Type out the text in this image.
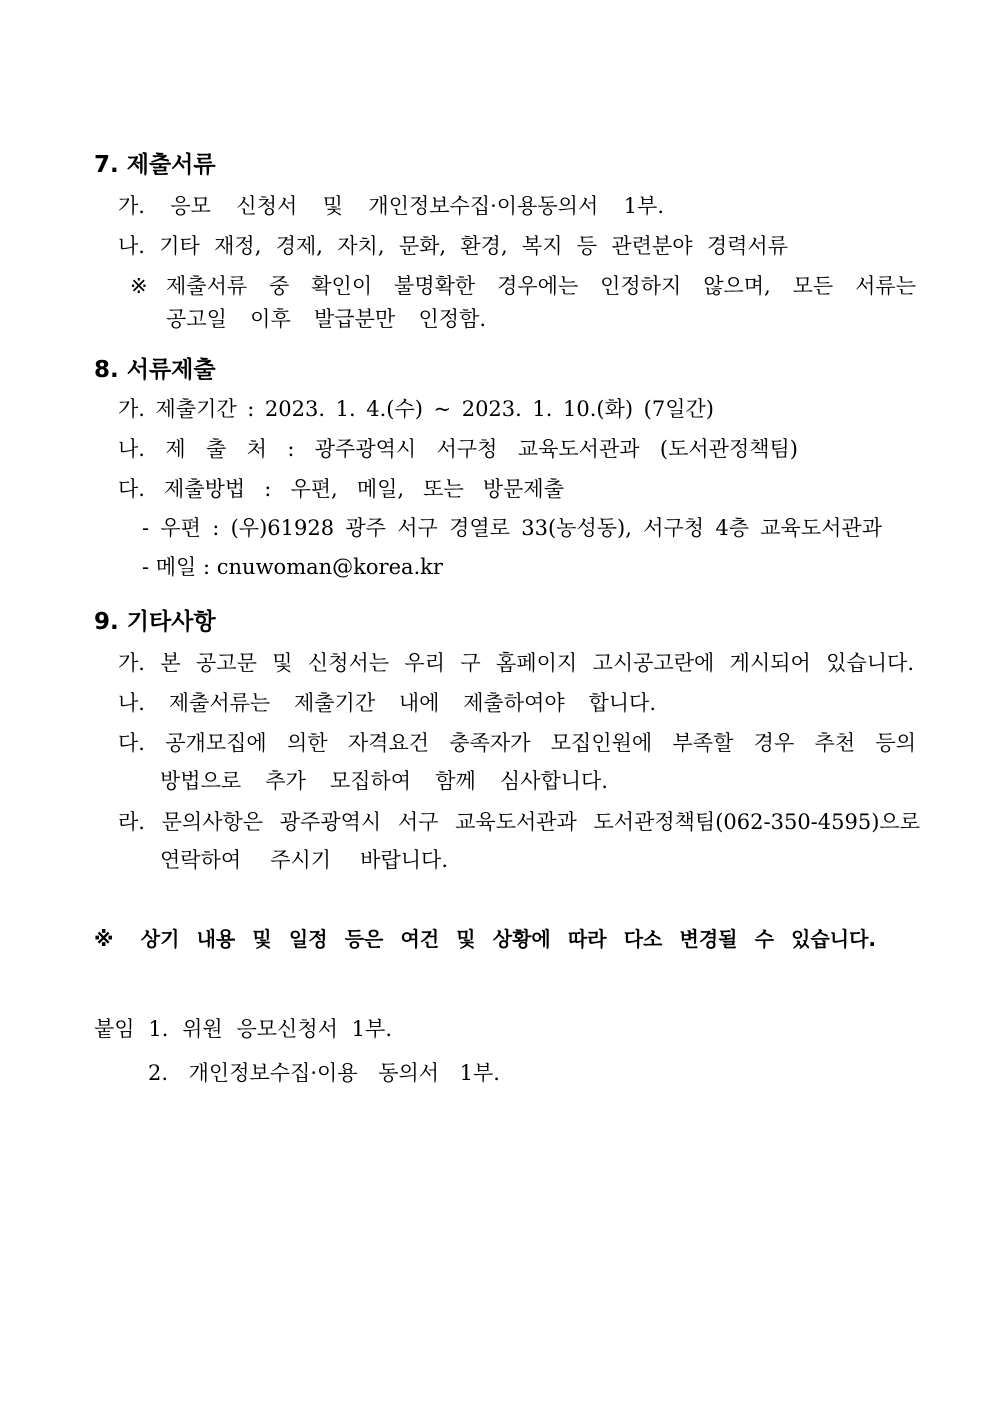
7. 제출서류
가. 응모 신청서 및 개인정보수집·이용동의서 1부.
나. 기타 재정, 경제, 자치, 문화, 환경, 복지 등 관련분야 경력서류
※ 제출서류 중 확인이 불명확한 경우에는 인정하지 않으며, 모든 서류는
공고일 이후 발급분만 인정함.
8. 서류제출
가. 제출기간 : 2023. 1. 4.(수) ~ 2023. 1. 10.(화) (7일간)
나. 제 출 처 : 광주광역시 서구청 교육도서관과 (도서관정책팀)
다. 제출방법 : 우편, 메일, 또는 방문제출
- 우편 : (우)61928 광주 서구 경열로 33(농성동), 서구청 4층 교육도서관과
- 메일 : cnuwoman@korea.kr
9. 기타사항
가. 본 공고문 및 신청서는 우리 구 홈페이지 고시공고란에 게시되어 있습니다.
나. 제출서류는 제출기간 내에 제출하여야 합니다.
다. 공개모집에 의한 자격요건 충족자가 모집인원에 부족할 경우 추천 등의
방법으로 추가 모집하여 함께 심사합니다.
라. 문의사항은 광주광역시 서구 교육도서관과 도서관정책팀(062-350-4595)으로
연락하여 주시기 바랍니다.
※ 상기 내용 및 일정 등은 여건 및 상황에 따라 다소 변경될 수 있습니다.
붙임 1. 위원 응모신청서 1부.
2. 개인정보수집·이용 동의서 1부.
